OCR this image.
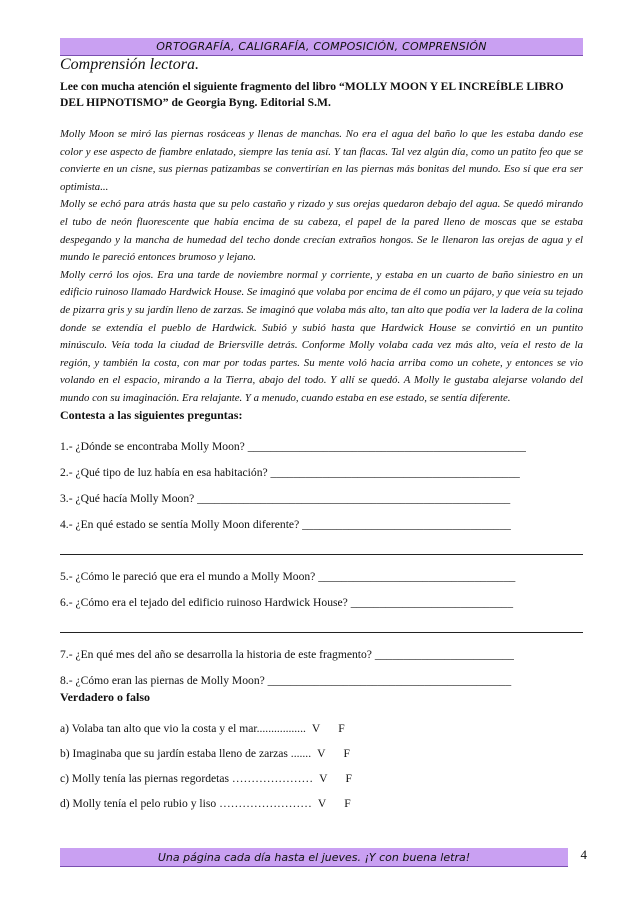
ORTOGRAFÍA, CALIGRAFÍA, COMPOSICIÓN, COMPRENSIÓN
Comprensión lectora.
Lee con mucha atención el siguiente fragmento del libro “MOLLY MOON Y EL INCREÍBLE LIBRO DEL HIPNOTISMO” de Georgia Byng. Editorial S.M.

Molly Moon se miró las piernas rosáceas y llenas de manchas. No era el agua del baño lo que les estaba dando ese color y ese aspecto de fiambre enlatado, siempre las tenía así. Y tan flacas. Tal vez algún día, como un patito feo que se convierte en un cisne, sus piernas patizambas se convertirían en las piernas más bonitas del mundo. Eso sí que era ser optimista...

Molly se echó para atrás hasta que su pelo castaño y rizado y sus orejas quedaron debajo del agua. Se quedó mirando el tubo de neón fluorescente que había encima de su cabeza, el papel de la pared lleno de moscas que se estaba despegando y la mancha de humedad del techo donde crecían extraños hongos. Se le llenaron las orejas de agua y el mundo le pareció entonces brumoso y lejano.

Molly cerró los ojos. Era una tarde de noviembre normal y corriente, y estaba en un cuarto de baño siniestro en un edificio ruinoso llamado Hardwick House. Se imaginó que volaba por encima de él como un pájaro, y que veía su tejado de pizarra gris y su jardín lleno de zarzas. Se imaginó que volaba más alto, tan alto que podía ver la ladera de la colina donde se extendía el pueblo de Hardwick. Subió y subió hasta que Hardwick House se convirtió en un puntito minúsculo. Veía toda la ciudad de Briersville detrás. Conforme Molly volaba cada vez más alto, veía el resto de la región, y también la costa, con mar por todas partes. Su mente voló hacia arriba como un cohete, y entonces se vio volando en el espacio, mirando a la Tierra, abajo del todo. Y allí se quedó. A Molly le gustaba alejarse volando del mundo con su imaginación. Era relajante. Y a menudo, cuando estaba en ese estado, se sentía diferente.

Contesta a las siguientes preguntas:
1.- ¿Dónde se encontraba Molly Moon? ________________________________________________
2.- ¿Qué tipo de luz había en esa habitación? ___________________________________________
3.- ¿Qué hacía Molly Moon? ______________________________________________________
4.- ¿En qué estado se sentía Molly Moon diferente? ____________________________________
5.- ¿Cómo le pareció que era el mundo a Molly Moon? __________________________________
6.- ¿Cómo era el tejado del edificio ruinoso Hardwick House? ____________________________
7.- ¿En qué mes del año se desarrolla la historia de este fragmento? ________________________
8.- ¿Cómo eran las piernas de Molly Moon? __________________________________________
Verdadero o falso
a) Volaba tan alto que vio la costa y el mar................. V F
b) Imaginaba que su jardín estaba lleno de zarzas ....... V F
c) Molly tenía las piernas regordetas ………………… V F
Una página cada día hasta el jueves. ¡Y con buena letra!	4
d) Molly tenía el pelo rubio y liso …………………… V F
